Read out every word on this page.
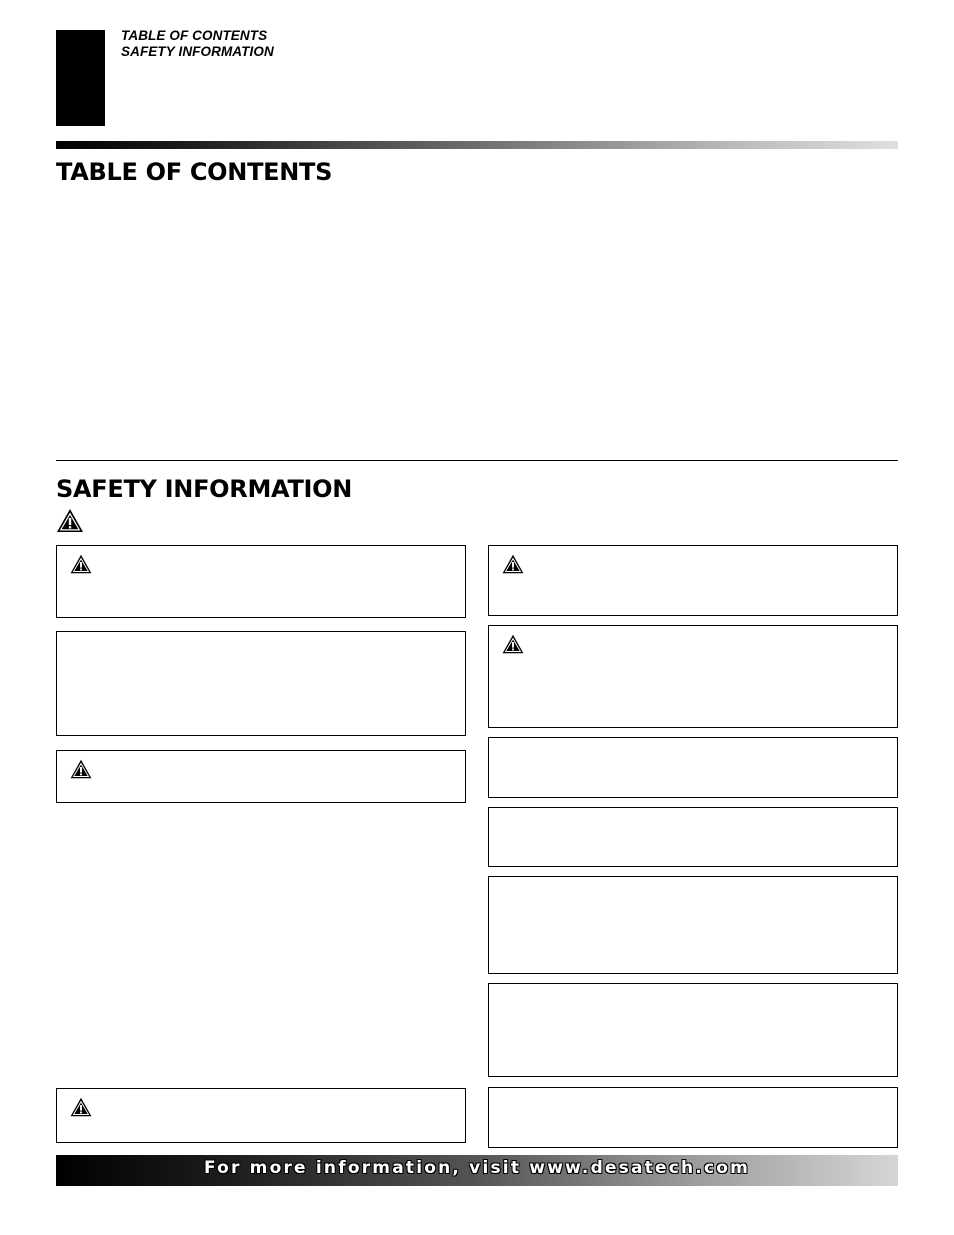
TABLE OF CONTENTS
SAFETY INFORMATION
TABLE OF CONTENTS
SAFETY INFORMATION
For more information, visit www.desatech.com
